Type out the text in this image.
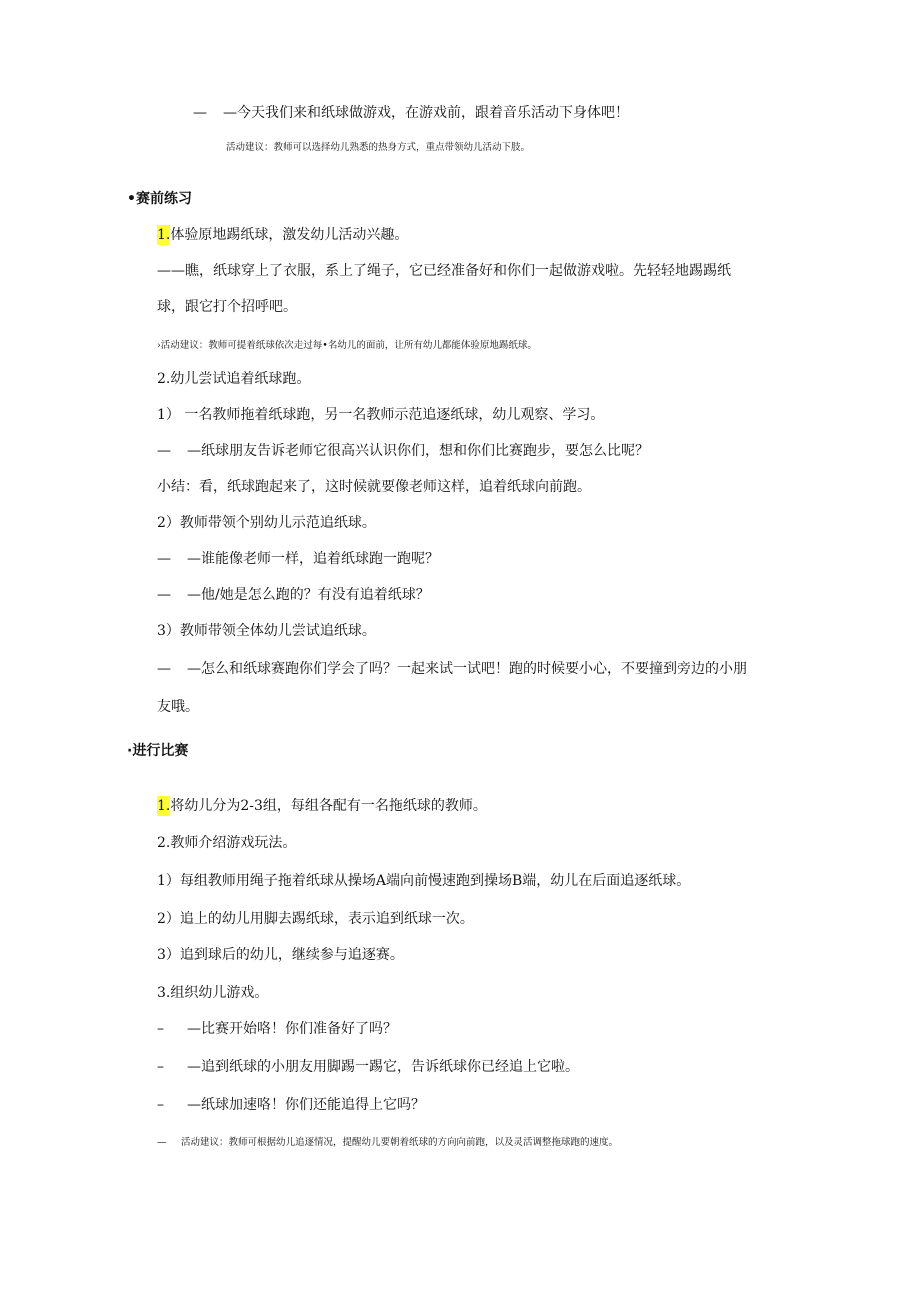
— —今天我们来和纸球做游戏，在游戏前，跟着音乐活动下身体吧！
活动建议：教师可以选择幼儿熟悉的热身方式，重点带领幼儿活动下肢。
•赛前练习
1.体验原地踢纸球，激发幼儿活动兴趣。
——瞧，纸球穿上了衣服，系上了绳子，它已经准备好和你们一起做游戏啦。先轻轻地踢踢纸
球，跟它打个招呼吧。
›活动建议：教师可提着纸球依次走过每•名幼儿的面前，让所有幼儿都能体验原地踢纸球。
2.幼儿尝试追着纸球跑。
1） 一名教师拖着纸球跑，另一名教师示范追逐纸球，幼儿观察、学习。
— —纸球朋友告诉老师它很高兴认识你们，想和你们比赛跑步，要怎么比呢？
小结：看，纸球跑起来了，这时候就要像老师这样，追着纸球向前跑。
2）教师带领个别幼儿示范追纸球。
— —谁能像老师一样，追着纸球跑一跑呢？
— —他/她是怎么跑的？有没有追着纸球？
3）教师带领全体幼儿尝试追纸球。
— —怎么和纸球赛跑你们学会了吗？一起来试一试吧！跑的时候要小心，不要撞到旁边的小朋
友哦。
·进行比赛
1.将幼儿分为2-3组，每组各配有一名拖纸球的教师。
2.教师介绍游戏玩法。
1）每组教师用绳子拖着纸球从操场A端向前慢速跑到操场B端，幼儿在后面追逐纸球。
2）追上的幼儿用脚去踢纸球，表示追到纸球一次。
3）追到球后的幼儿，继续参与追逐赛。
3.组织幼儿游戏。
– —比赛开始咯！你们准备好了吗？
– —追到纸球的小朋友用脚踢一踢它，告诉纸球你已经追上它啦。
– —纸球加速咯！你们还能追得上它吗？
— 活动建议：教师可根据幼儿追逐情况，提醒幼儿要朝着纸球的方向向前跑，以及灵活调整拖球跑的速度。
